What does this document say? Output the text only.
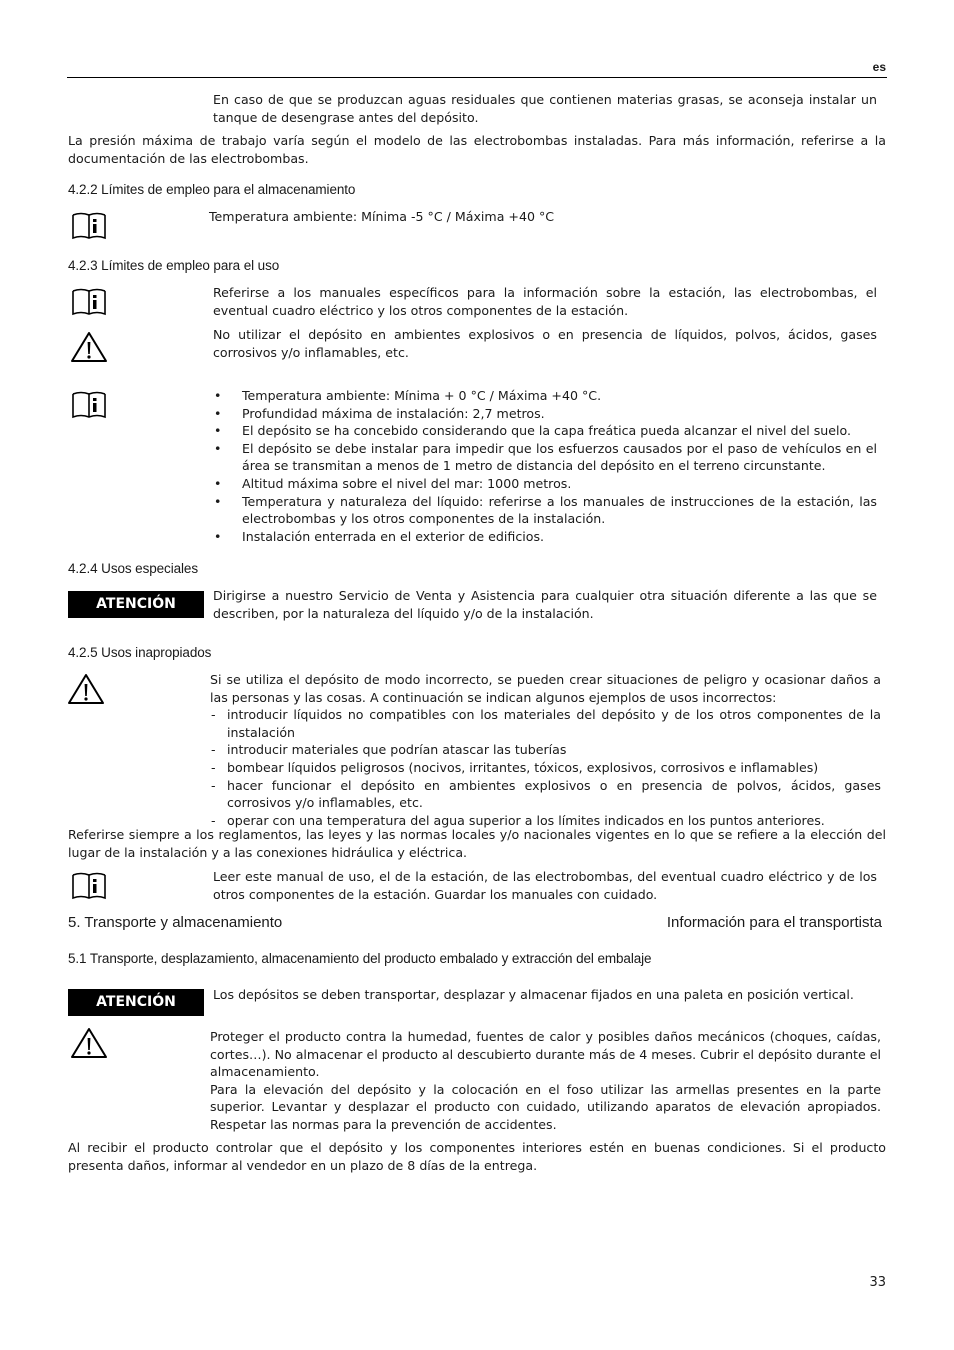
es
En caso de que se produzcan aguas residuales que contienen materias grasas, se aconseja instalar un tanque de desengrase antes del depósito.
La presión máxima de trabajo varía según el modelo de las electrobombas instaladas. Para más información, referirse a la documentación de las electrobombas.
4.2.2 Límites de empleo para el almacenamiento
Temperatura ambiente: Mínima -5 °C / Máxima +40 °C
4.2.3 Límites de empleo para el uso
Referirse a los manuales específicos para la información sobre la estación, las electrobombas, el eventual cuadro eléctrico y los otros componentes de la estación.
No utilizar el depósito en ambientes explosivos o en presencia de líquidos, polvos, ácidos, gases corrosivos y/o inflamables, etc.
• Temperatura ambiente: Mínima + 0 °C / Máxima +40 °C.
• Profundidad máxima de instalación: 2,7 metros.
• El depósito se ha concebido considerando que la capa freática pueda alcanzar el nivel del suelo.
• El depósito se debe instalar para impedir que los esfuerzos causados por el paso de vehículos en el área se transmitan a menos de 1 metro de distancia del depósito en el terreno circunstante.
• Altitud máxima sobre el nivel del mar: 1000 metros.
• Temperatura y naturaleza del líquido: referirse a los manuales de instrucciones de la estación, las electrobombas y los otros componentes de la instalación.
• Instalación enterrada en el exterior de edificios.
4.2.4 Usos especiales
ATENCIÓN
Dirigirse a nuestro Servicio de Venta y Asistencia para cualquier otra situación diferente a las que se describen, por la naturaleza del líquido y/o de la instalación.
4.2.5 Usos inapropiados
Si se utiliza el depósito de modo incorrecto, se pueden crear situaciones de peligro y ocasionar daños a las personas y las cosas. A continuación se indican algunos ejemplos de usos incorrectos:
- introducir líquidos no compatibles con los materiales del depósito y de los otros componentes de la instalación
- introducir materiales que podrían atascar las tuberías
- bombear líquidos peligrosos (nocivos, irritantes, tóxicos, explosivos, corrosivos e inflamables)
- hacer funcionar el depósito en ambientes explosivos o en presencia de polvos, ácidos, gases corrosivos y/o inflamables, etc.
- operar con una temperatura del agua superior a los límites indicados en los puntos anteriores.
Referirse siempre a los reglamentos, las leyes y las normas locales y/o nacionales vigentes en lo que se refiere a la elección del lugar de la instalación y a las conexiones hidráulica y eléctrica.
Leer este manual de uso, el de la estación, de las electrobombas, del eventual cuadro eléctrico y de los otros componentes de la estación. Guardar los manuales con cuidado.
5. Transporte y almacenamiento	Información para el transportista
5.1 Transporte, desplazamiento, almacenamiento del producto embalado y extracción del embalaje
ATENCIÓN	Los depósitos se deben transportar, desplazar y almacenar fijados en una paleta en posición vertical.
Proteger el producto contra la humedad, fuentes de calor y posibles daños mecánicos (choques, caídas, cortes…). No almacenar el producto al descubierto durante más de 4 meses. Cubrir el depósito durante el almacenamiento.
Para la elevación del depósito y la colocación en el foso utilizar las armellas presentes en la parte superior. Levantar y desplazar el producto con cuidado, utilizando aparatos de elevación apropiados. Respetar las normas para la prevención de accidentes.
Al recibir el producto controlar que el depósito y los componentes interiores estén en buenas condiciones. Si el producto presenta daños, informar al vendedor en un plazo de 8 días de la entrega.
33
